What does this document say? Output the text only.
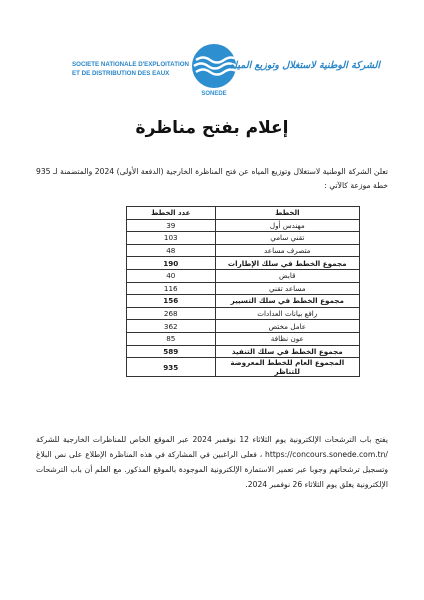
SOCIETE NATIONALE D'EXPLOITATION
ET DE DISTRIBUTION DES EAUX
SONEDE
الشركة الوطنية لاستغلال وتوزيع المياه
إعلام بفتح مناظرة
تعلن الشركة الوطنية لاستغلال وتوزيع المياه عن فتح المناظرة الخارجية (الدفعة الأولى) 2024 والمتضمنة لـ 935 خطة موزعة كالآتي :
الخطط	عدد الخطط
مهندس أول	39
تقني سامي	103
متصرف مساعد	48
مجموع الخطط في سلك الإطارات	190
قابض	40
مساعد تقني	116
مجموع الخطط في سلك التسيير	156
رافع بيانات العدادات	268
عامل مختص	362
عون نظافة	85
مجموع الخطط في سلك التنفيذ	589
المجموع العام للخطط المعروضة للتناظر	935
يفتح باب الترشحات الإلكترونية يوم الثلاثاء 12 نوفمبر 2024 عبر الموقع الخاص للمناظرات الخارجية للشركة https://concours.sonede.com.tn/ ، فعلى الراغبين في المشاركة في هذه المناظرة الإطلاع على نص البلاغ وتسجيل ترشحاتهم وجوبا عبر تعمير الاستمارة الإلكترونية الموجودة بالموقع المذكور. مع العلم أن باب الترشحات الإلكترونية يغلق يوم الثلاثاء 26 نوفمبر 2024.
